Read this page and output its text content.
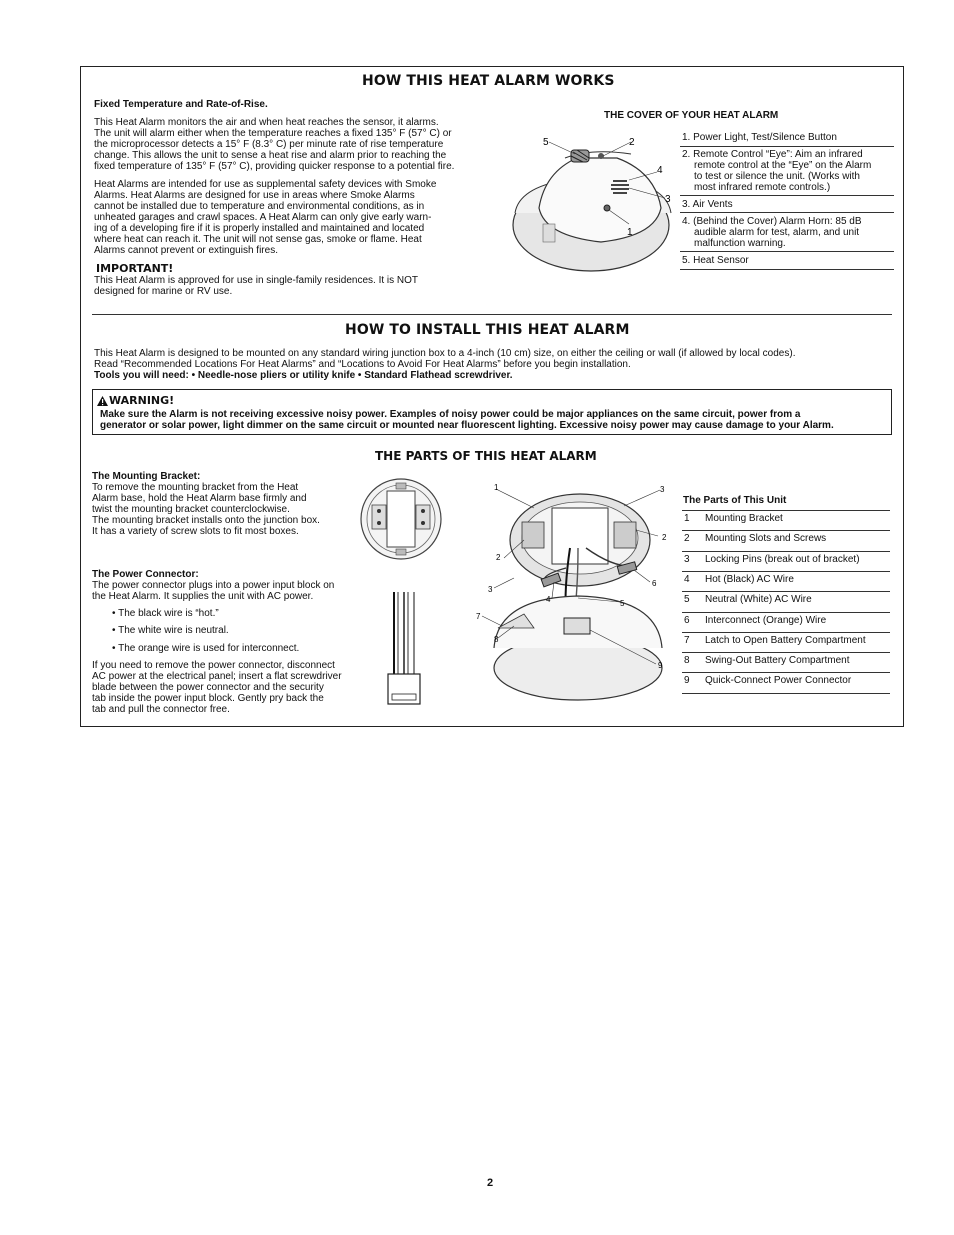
HOW THIS HEAT ALARM WORKS
Fixed Temperature and Rate-of-Rise.
This Heat Alarm monitors the air and when heat reaches the sensor, it alarms.
The unit will alarm either when the temperature reaches a fixed 135° F (57° C) or
the microprocessor detects a 15° F (8.3° C) per minute rate of rise temperature
change. This allows the unit to sense a heat rise and alarm prior to reaching the
fixed temperature of 135° F (57° C), providing quicker response to a potential fire.
Heat Alarms are intended for use as supplemental safety devices with Smoke
Alarms. Heat Alarms are designed for use in areas where Smoke Alarms
cannot be installed due to temperature and environmental conditions, as in
unheated garages and crawl spaces. A Heat Alarm can only give early warn-
ing of a developing fire if it is properly installed and maintained and located
where heat can reach it. The unit will not sense gas, smoke or flame. Heat
Alarms cannot prevent or extinguish fires.
IMPORTANT!
This Heat Alarm is approved for use in single-family residences. It is NOT
designed for marine or RV use.
THE COVER OF YOUR HEAT ALARM
5	2
4
3
1
1. Power Light, Test/Silence Button
2. Remote Control “Eye”: Aim an infrared
remote control at the “Eye” on the Alarm
to test or silence the unit. (Works with
most infrared remote controls.)
3. Air Vents
4. (Behind the Cover) Alarm Horn: 85 dB
audible alarm for test, alarm, and unit
malfunction warning.
5. Heat Sensor
HOW TO INSTALL THIS HEAT ALARM
This Heat Alarm is designed to be mounted on any standard wiring junction box to a 4-inch (10 cm) size, on either the ceiling or wall (if allowed by local codes).
Read “Recommended Locations For Heat Alarms” and “Locations to Avoid For Heat Alarms” before you begin installation.
Tools you will need: • Needle-nose pliers or utility knife • Standard Flathead screwdriver.
WARNING!
Make sure the Alarm is not receiving excessive noisy power. Examples of noisy power could be major appliances on the same circuit, power from a
generator or solar power, light dimmer on the same circuit or mounted near fluorescent lighting. Excessive noisy power may cause damage to your Alarm.
THE PARTS OF THIS HEAT ALARM
The Mounting Bracket:
To remove the mounting bracket from the Heat
Alarm base, hold the Heat Alarm base firmly and
twist the mounting bracket counterclockwise.
The mounting bracket installs onto the junction box.
It has a variety of screw slots to fit most boxes.
The Power Connector:
The power connector plugs into a power input block on
the Heat Alarm. It supplies the unit with AC power.
• The black wire is “hot.”
• The white wire is neutral.
• The orange wire is used for interconnect.
If you need to remove the power connector, disconnect
AC power at the electrical panel; insert a flat screwdriver
blade between the power connector and the security
tab inside the power input block. Gently pry back the
tab and pull the connector free.
1	3
2
2
3
4	5
6
7
8
9
The Parts of This Unit
1 Mounting Bracket
2 Mounting Slots and Screws
3 Locking Pins (break out of bracket)
4 Hot (Black) AC Wire
5 Neutral (White) AC Wire
6 Interconnect (Orange) Wire
7 Latch to Open Battery Compartment
8 Swing-Out Battery Compartment
9 Quick-Connect Power Connector
2
